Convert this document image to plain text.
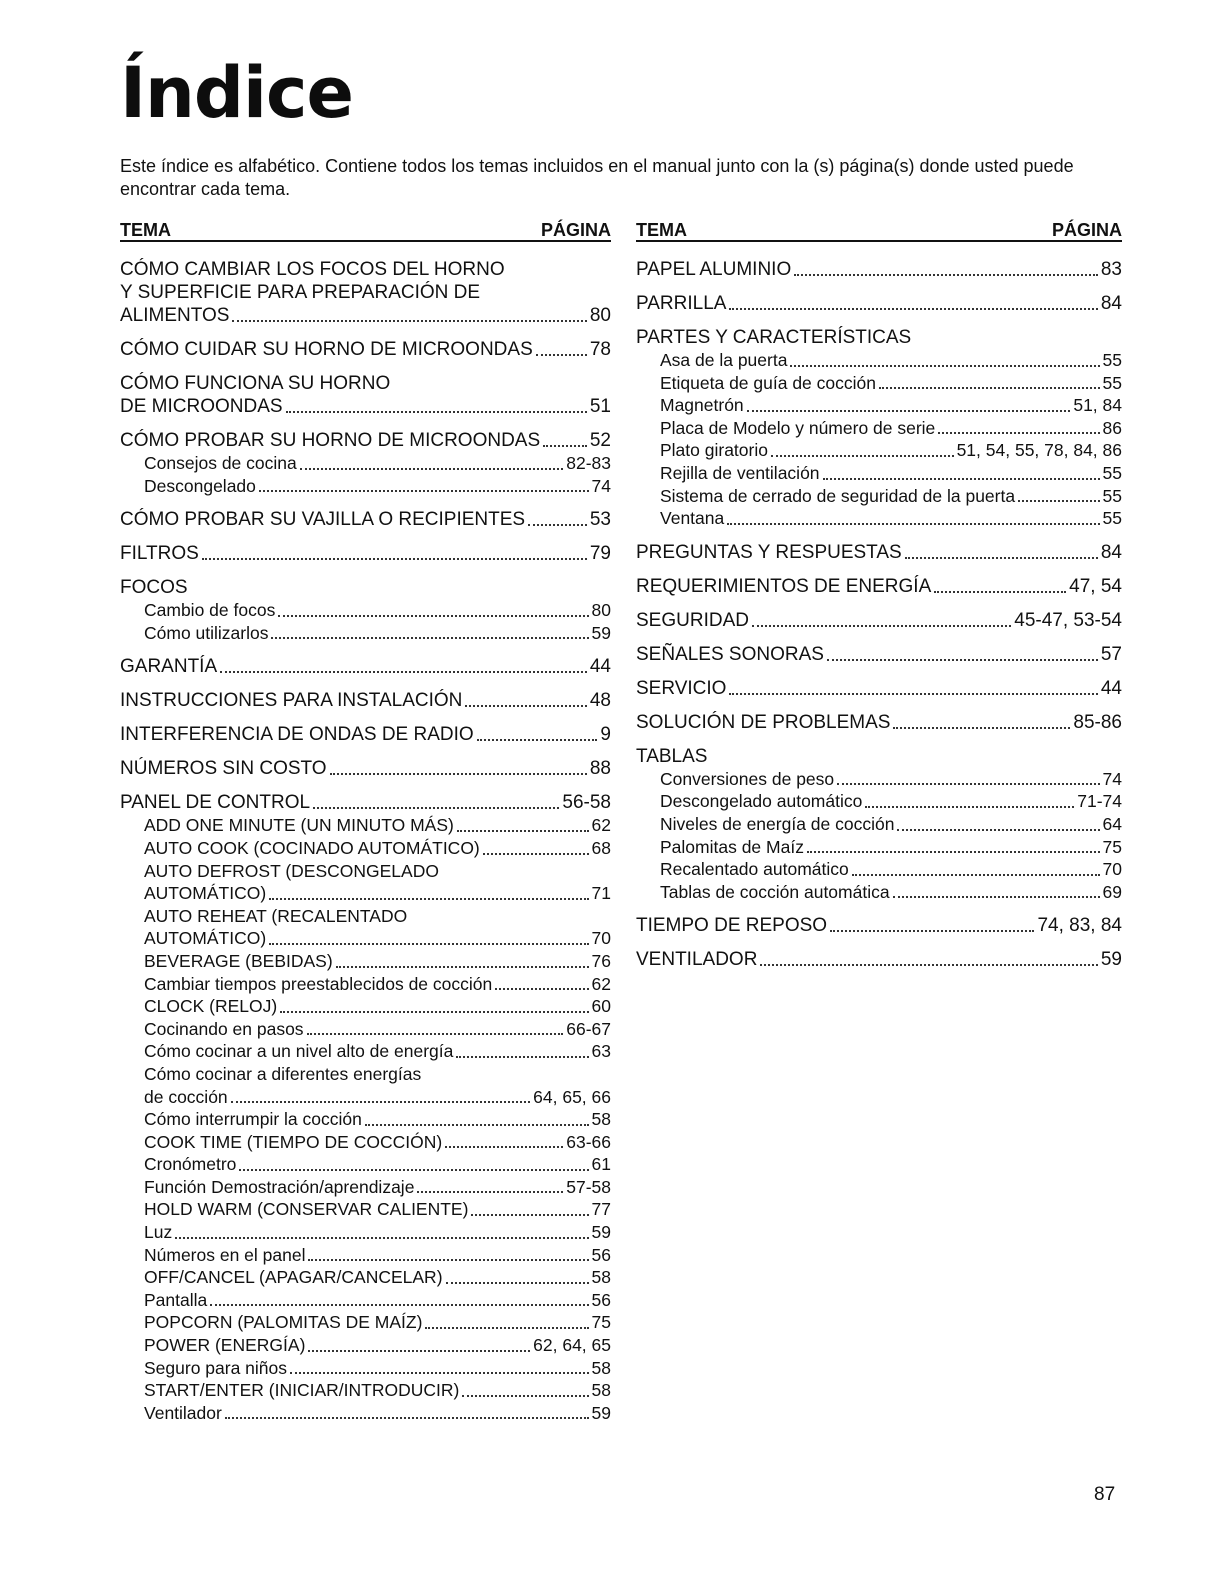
Índice
Este índice es alfabético. Contiene todos los temas incluidos en el manual junto con la (s) página(s) donde usted puede encontrar cada tema.
TEMA	PÁGINA
CÓMO CAMBIAR LOS FOCOS DEL HORNO
Y SUPERFICIE PARA PREPARACIÓN DE
ALIMENTOS	80
CÓMO CUIDAR SU HORNO DE MICROONDAS	78
CÓMO FUNCIONA SU HORNO
DE MICROONDAS	51
CÓMO PROBAR SU HORNO DE MICROONDAS	52
Consejos de cocina	82-83
Descongelado	74
CÓMO PROBAR SU VAJILLA O RECIPIENTES	53
FILTROS	79
FOCOS
Cambio de focos	80
Cómo utilizarlos	59
GARANTÍA	44
INSTRUCCIONES PARA INSTALACIÓN	48
INTERFERENCIA DE ONDAS DE RADIO	9
NÚMEROS SIN COSTO	88
PANEL DE CONTROL	56-58
ADD ONE MINUTE (UN MINUTO MÁS)	62
AUTO COOK (COCINADO AUTOMÁTICO)	68
AUTO DEFROST (DESCONGELADO
AUTOMÁTICO)	71
AUTO REHEAT (RECALENTADO
AUTOMÁTICO)	70
BEVERAGE (BEBIDAS)	76
Cambiar tiempos preestablecidos de cocción	62
CLOCK (RELOJ)	60
Cocinando en pasos	66-67
Cómo cocinar a un nivel alto de energía	63
Cómo cocinar a diferentes energías
de cocción	64, 65, 66
Cómo interrumpir la cocción	58
COOK TIME (TIEMPO DE COCCIÓN)	63-66
Cronómetro	61
Función Demostración/aprendizaje	57-58
HOLD WARM (CONSERVAR CALIENTE)	77
Luz	59
Números en el panel	56
OFF/CANCEL (APAGAR/CANCELAR)	58
Pantalla	56
POPCORN (PALOMITAS DE MAÍZ)	75
POWER (ENERGÍA)	62, 64, 65
Seguro para niños	58
START/ENTER (INICIAR/INTRODUCIR)	58
Ventilador	59
TEMA	PÁGINA
PAPEL ALUMINIO	83
PARRILLA	84
PARTES Y CARACTERÍSTICAS
Asa de la puerta	55
Etiqueta de guía de cocción	55
Magnetrón	51, 84
Placa de Modelo y número de serie	86
Plato giratorio	51, 54, 55, 78, 84, 86
Rejilla de ventilación	55
Sistema de cerrado de seguridad de la puerta	55
Ventana	55
PREGUNTAS Y RESPUESTAS	84
REQUERIMIENTOS DE ENERGÍA	47, 54
SEGURIDAD	45-47, 53-54
SEÑALES SONORAS	57
SERVICIO	44
SOLUCIÓN DE PROBLEMAS	85-86
TABLAS
Conversiones de peso	74
Descongelado automático	71-74
Niveles de energía de cocción	64
Palomitas de Maíz	75
Recalentado automático	70
Tablas de cocción automática	69
TIEMPO DE REPOSO	74, 83, 84
VENTILADOR	59
87
